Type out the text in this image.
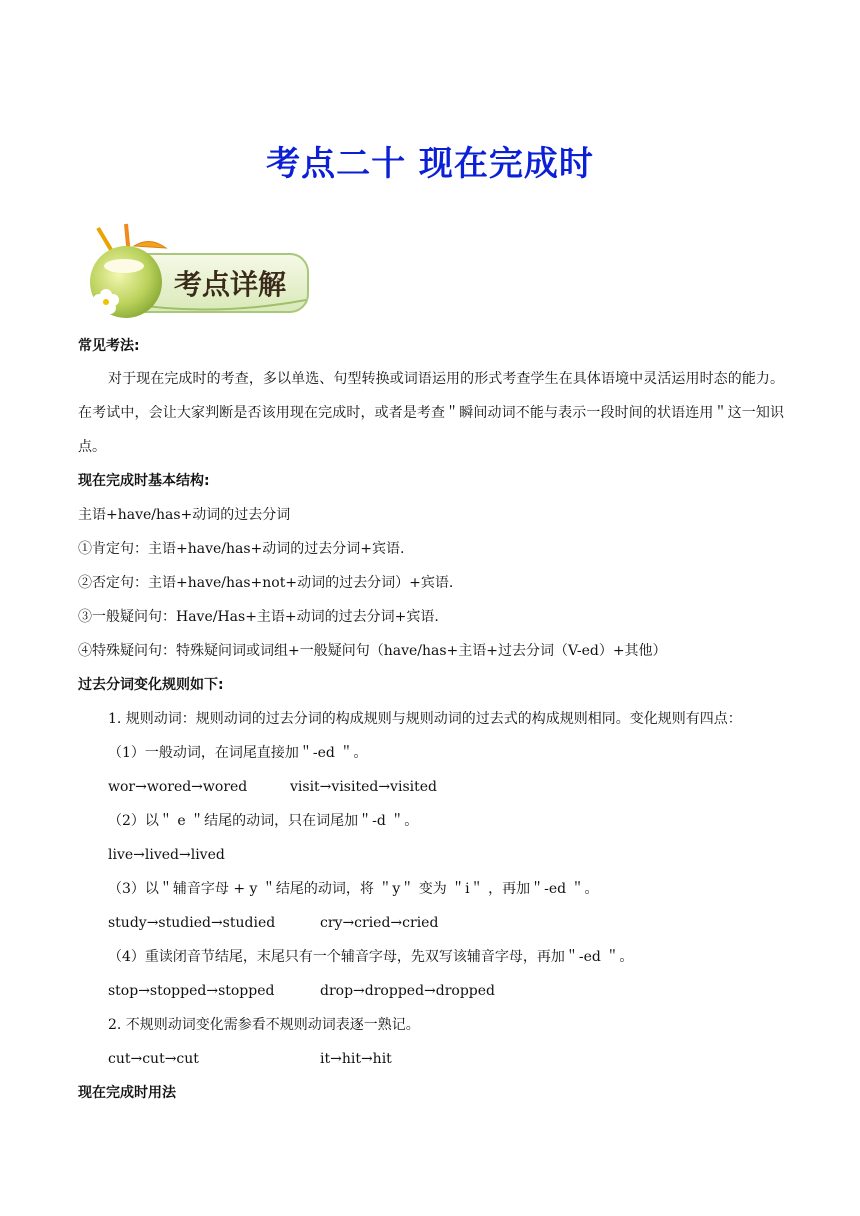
考点二十 现在完成时
考点详解
常见考法:
对于现在完成时的考查，多以单选、句型转换或词语运用的形式考查学生在具体语境中灵活运用时态的能力。在考试中，会让大家判断是否该用现在完成时，或者是考查＂瞬间动词不能与表示一段时间的状语连用＂这一知识点。
现在完成时基本结构:
主语+have/has+动词的过去分词
①肯定句：主语+have/has+动词的过去分词+宾语.
②否定句：主语+have/has+not+动词的过去分词）+宾语.
③一般疑问句：Have/Has+主语+动词的过去分词+宾语.
④特殊疑问句：特殊疑问词或词组+一般疑问句（have/has+主语+过去分词（V-ed）+其他）
过去分词变化规则如下:
1. 规则动词：规则动词的过去分词的构成规则与规则动词的过去式的构成规则相同。变化规则有四点：
（1）一般动词，在词尾直接加＂-ed ＂。
wor→wored→wored	visit→visited→visited
（2）以＂ e ＂结尾的动词，只在词尾加＂-d ＂。
live→lived→lived
（3）以＂辅音字母 + y ＂结尾的动词，将 ＂y＂ 变为 ＂i＂ ，再加＂-ed ＂。
study→studied→studied	cry→cried→cried
（4）重读闭音节结尾，末尾只有一个辅音字母，先双写该辅音字母，再加＂-ed ＂。
stop→stopped→stopped	drop→dropped→dropped
2. 不规则动词变化需参看不规则动词表逐一熟记。
cut→cut→cut	it→hit→hit
现在完成时用法
